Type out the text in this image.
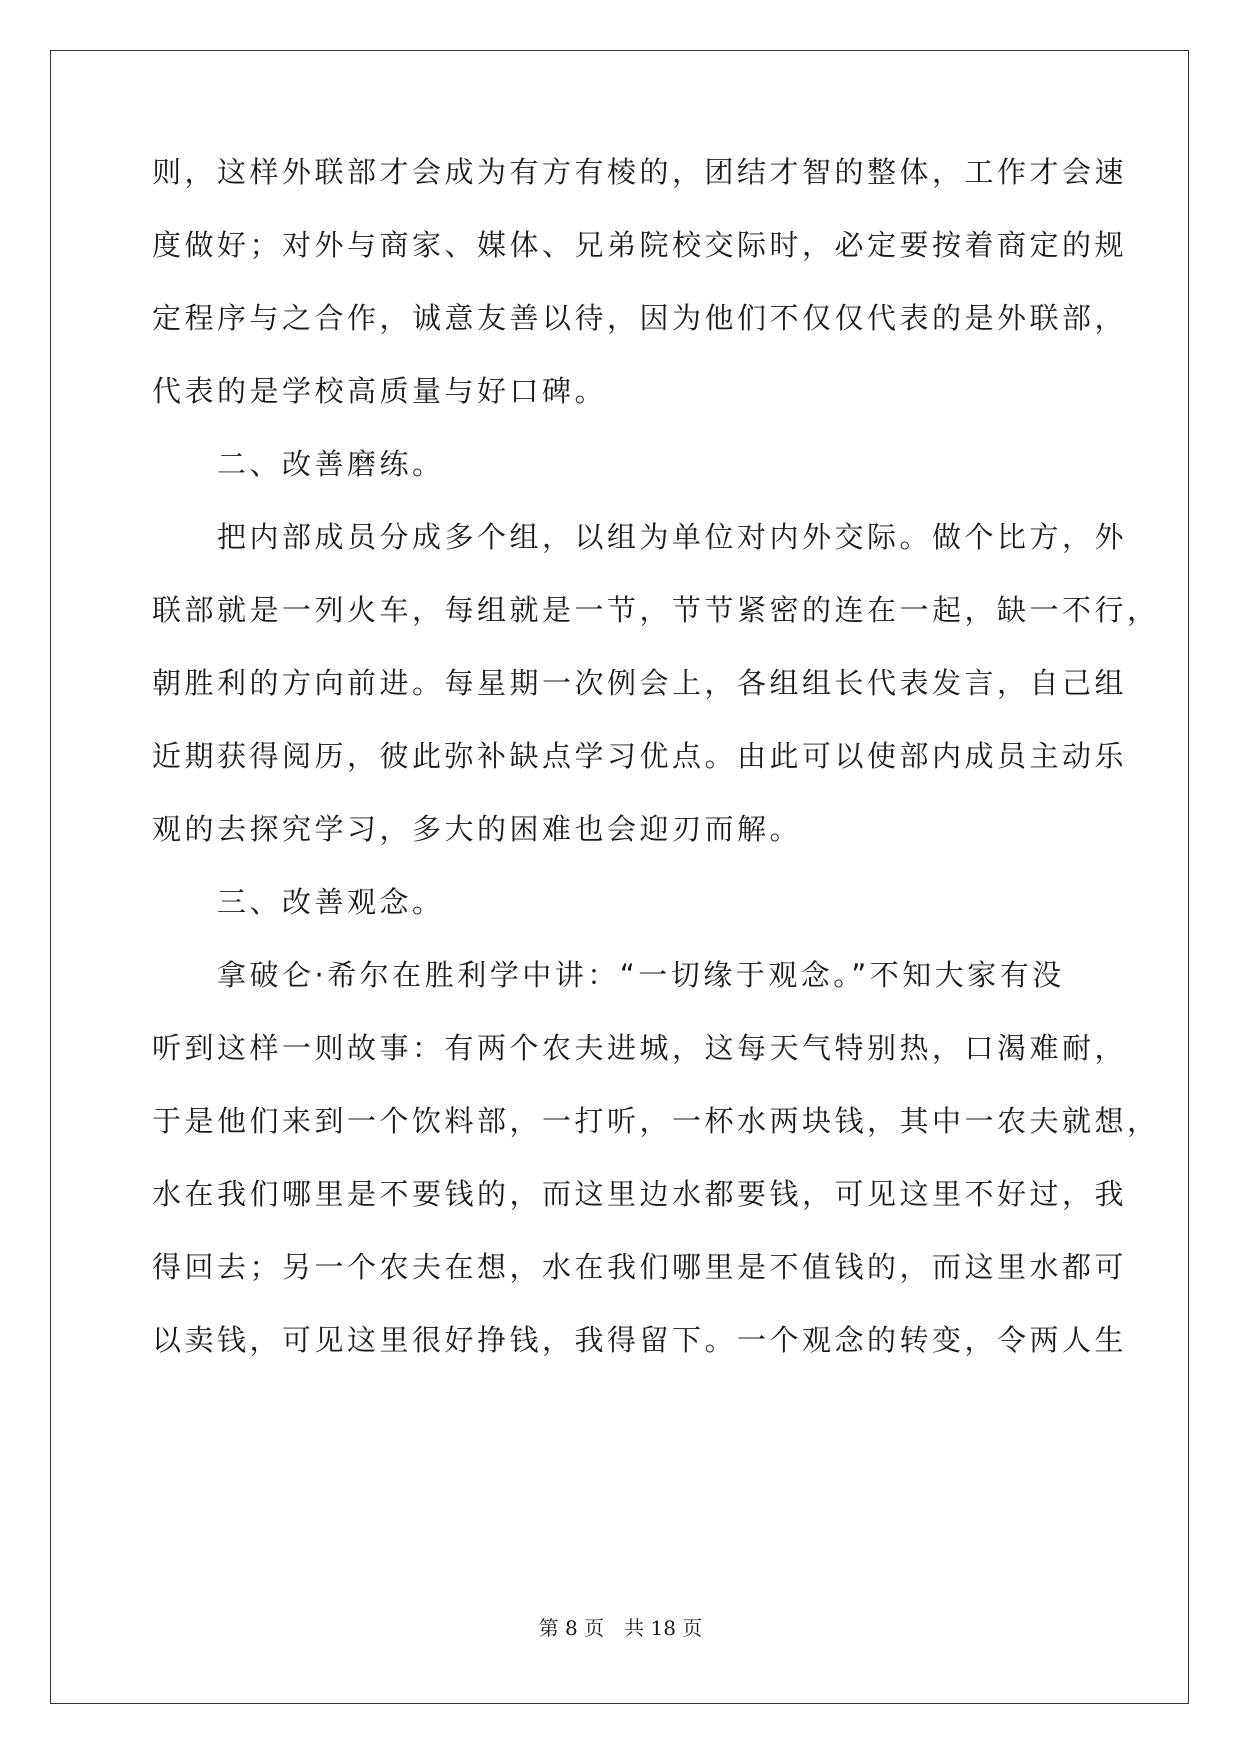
则，这样外联部才会成为有方有棱的，团结才智的整体，工作才会速
度做好；对外与商家、媒体、兄弟院校交际时，必定要按着商定的规
定程序与之合作，诚意友善以待，因为他们不仅仅代表的是外联部，
代表的是学校高质量与好口碑。
　　二、改善磨练。
　　把内部成员分成多个组，以组为单位对内外交际。做个比方，外
联部就是一列火车，每组就是一节，节节紧密的连在一起，缺一不行，
朝胜利的方向前进。每星期一次例会上，各组组长代表发言，自己组
近期获得阅历，彼此弥补缺点学习优点。由此可以使部内成员主动乐
观的去探究学习，多大的困难也会迎刃而解。
　　三、改善观念。
　　拿破仑·希尔在胜利学中讲：“一切缘于观念。”不知大家有没
听到这样一则故事：有两个农夫进城，这每天气特别热，口渴难耐，
于是他们来到一个饮料部，一打听，一杯水两块钱，其中一农夫就想，
水在我们哪里是不要钱的，而这里边水都要钱，可见这里不好过，我
得回去；另一个农夫在想，水在我们哪里是不值钱的，而这里水都可
以卖钱，可见这里很好挣钱，我得留下。一个观念的转变，令两人生
第 8 页　共 18 页
